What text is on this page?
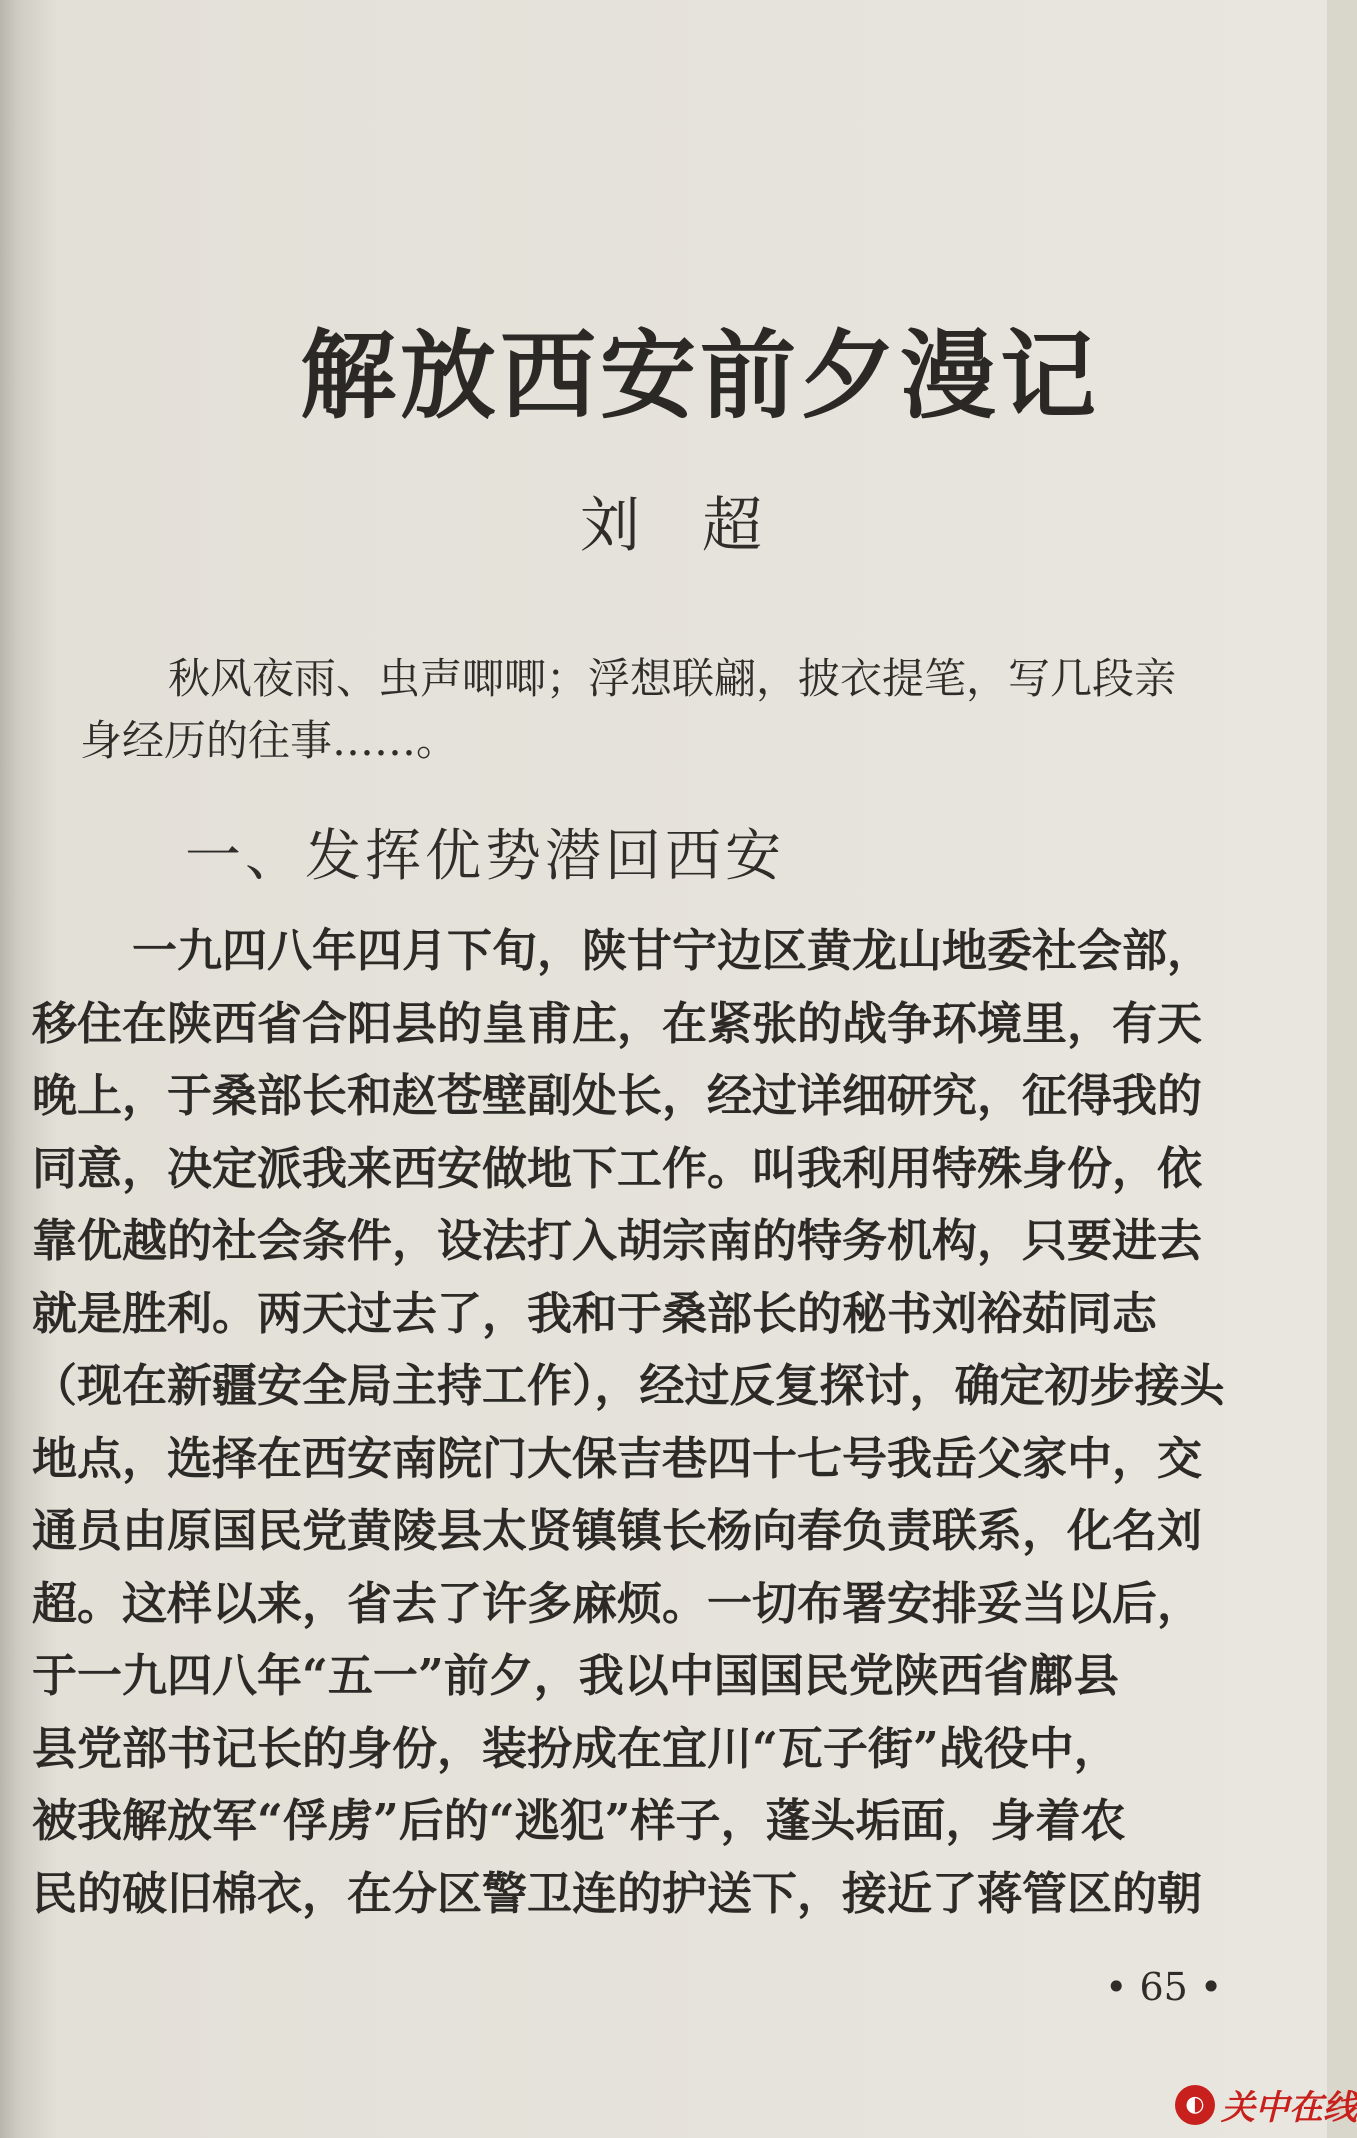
解放西安前夕漫记
刘超

秋风夜雨、虫声唧唧；浮想联翩，披衣提笔，写几段亲

身经历的往事……。

一、发挥优势潜回西安
一九四八年四月下旬，陕甘宁边区黄龙山地委社会部，
移住在陕西省合阳县的皇甫庄，在紧张的战争环境里，有天
晚上，于桑部长和赵苍壁副处长，经过详细研究，征得我的
同意，决定派我来西安做地下工作。叫我利用特殊身份，依
靠优越的社会条件，设法打入胡宗南的特务机构，只要进去
就是胜利。两天过去了，我和于桑部长的秘书刘裕茹同志
（现在新疆安全局主持工作），经过反复探讨，确定初步接头
地点，选择在西安南院门大保吉巷四十七号我岳父家中，交
通员由原国民党黄陵县太贤镇镇长杨向春负责联系，化名刘
超。这样以来，省去了许多麻烦。一切布署安排妥当以后，
于一九四八年“五一”前夕，我以中国国民党陕西省鄜县
县党部书记长的身份，装扮成在宜川“瓦子街”战役中，
被我解放军“俘虏”后的“逃犯”样子，蓬头垢面，身着农
民的破旧棉衣，在分区警卫连的护送下，接近了蒋管区的朝
• 65 •
◐ 关中在线
